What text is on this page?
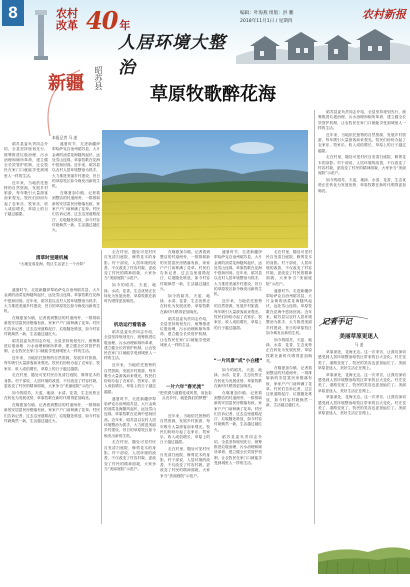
8	农村
改革 40 年
人居环境大整治
编辑：叶海燕 组版：洪 鹏
2018年11月1日 / 星期四
农村新报
新疆	昭苏县
草原牧歌醉花海
本报记者 马 凌

盛夏时节，走进新疆伊犁哈萨克自治州昭苏县，大片金黄的油菜花海随风起伏，远处雪山连绵，草原牧歌在花海中悠扬回荡。近年来，昭苏县以农村人居环境整治为抓手，大力推进美丽乡村建设，昔日的草原牧区如今焕发出新的生机。

在喀夏加尔镇，记者看到整洁的村道两旁，一排排崭新的安居富民房错落有致，家家户户门前种满了花草。村民们告诉记者，过去这里道路泥泞、垃圾随处堆放，如今村容村貌焕然一新，生活越过越红火。

昭苏县委负责同志介绍，全县坚持规划先行，统筹推进垃圾治理、污水治理和厕所革命，建立健全长效管护机制，让农牧民在家门口就能享受到城里人一样的生活。

近年来，当地依托独特的自然资源，发展乡村旅游，每年吸引大量游客前来观光。牧民们纷纷办起了农家乐、牧家乐，收入成倍增长，草原上的日子越过越甜。

清草时里建机械
“大地变成花海，牧区生活更上一个台阶”

盛夏时节，走进新疆伊犁哈萨克自治州昭苏县，大片金黄的油菜花海随风起伏，远处雪山连绵，草原牧歌在花海中悠扬回荡。近年来，昭苏县以农村人居环境整治为抓手，大力推进美丽乡村建设，昔日的草原牧区如今焕发出新的生机。

在喀夏加尔镇，记者看到整洁的村道两旁，一排排崭新的安居富民房错落有致，家家户户门前种满了花草。村民们告诉记者，过去这里道路泥泞、垃圾随处堆放，如今村容村貌焕然一新，生活越过越红火。

昭苏县委负责同志介绍，全县坚持规划先行，统筹推进垃圾治理、污水治理和厕所革命，建立健全长效管护机制，让农牧民在家门口就能享受到城里人一样的生活。

近年来，当地依托独特的自然资源，发展乡村旅游，每年吸引大量游客前来观光。牧民们纷纷办起了农家乐、牧家乐，收入成倍增长，草原上的日子越过越甜。

走在村里，随处可见村民自发清扫庭院、修剪花木的身影。村干部说，人居环境的改善，不仅改变了村容村貌，更改变了村民的精神面貌，大家争当“美丽庭院”示范户。

如今的昭苏，天蓝、地绿、水清、花香，生态优势正在转化为发展优势，草原牧歌在新时代唱得更加响亮。

在喀夏加尔镇，记者看到整洁的村道两旁，一排排崭新的安居富民房错落有致，家家户户门前种满了花草。村民们告诉记者，过去这里道路泥泞、垃圾随处堆放，如今村容村貌焕然一新，生活越过越红火。

走在村里，随处可见村民自发清扫庭院、修剪花木的身影。村干部说，人居环境的改善，不仅改变了村容村貌，更改变了村民的精神面貌，大家争当“美丽庭院”示范户。

如今的昭苏，天蓝、地绿、水清、花香，生态优势正在转化为发展优势，草原牧歌在新时代唱得更加响亮。

机动运行看装备

昭苏县委负责同志介绍，全县坚持规划先行，统筹推进垃圾治理、污水治理和厕所革命，建立健全长效管护机制，让农牧民在家门口就能享受到城里人一样的生活。

近年来，当地依托独特的自然资源，发展乡村旅游，每年吸引大量游客前来观光。牧民们纷纷办起了农家乐、牧家乐，收入成倍增长，草原上的日子越过越甜。

盛夏时节，走进新疆伊犁哈萨克自治州昭苏县，大片金黄的油菜花海随风起伏，远处雪山连绵，草原牧歌在花海中悠扬回荡。近年来，昭苏县以农村人居环境整治为抓手，大力推进美丽乡村建设，昔日的草原牧区如今焕发出新的生机。

走在村里，随处可见村民自发清扫庭院、修剪花木的身影。村干部说，人居环境的改善，不仅改变了村容村貌，更改变了村民的精神面貌，大家争当“美丽庭院”示范户。

在喀夏加尔镇，记者看到整洁的村道两旁，一排排崭新的安居富民房错落有致，家家户户门前种满了花草。村民们告诉记者，过去这里道路泥泞、垃圾随处堆放，如今村容村貌焕然一新，生活越过越红火。

如今的昭苏，天蓝、地绿、水清、花香，生态优势正在转化为发展优势，草原牧歌在新时代唱得更加响亮。

昭苏县委负责同志介绍，全县坚持规划先行，统筹推进垃圾治理、污水治理和厕所革命，建立健全长效管护机制，让农牧民在家门口就能享受到城里人一样的生活。

一片六年”春光流”
“把荒漠与道路变成风景，用色彩点亮乡村，就是我们的梦想”

近年来，当地依托独特的自然资源，发展乡村旅游，每年吸引大量游客前来观光。牧民们纷纷办起了农家乐、牧家乐，收入成倍增长，草原上的日子越过越甜。

走在村里，随处可见村民自发清扫庭院、修剪花木的身影。村干部说，人居环境的改善，不仅改变了村容村貌，更改变了村民的精神面貌，大家争当“美丽庭院”示范户。

盛夏时节，走进新疆伊犁哈萨克自治州昭苏县，大片金黄的油菜花海随风起伏，远处雪山连绵，草原牧歌在花海中悠扬回荡。近年来，昭苏县以农村人居环境整治为抓手，大力推进美丽乡村建设，昔日的草原牧区如今焕发出新的生机。

近年来，当地依托独特的自然资源，发展乡村旅游，每年吸引大量游客前来观光。牧民们纷纷办起了农家乐、牧家乐，收入成倍增长，草原上的日子越过越甜。

“一片风景”成“小白楼”

如今的昭苏，天蓝、地绿、水清、花香，生态优势正在转化为发展优势，草原牧歌在新时代唱得更加响亮。

在喀夏加尔镇，记者看到整洁的村道两旁，一排排崭新的安居富民房错落有致，家家户户门前种满了花草。村民们告诉记者，过去这里道路泥泞、垃圾随处堆放，如今村容村貌焕然一新，生活越过越红火。

昭苏县委负责同志介绍，全县坚持规划先行，统筹推进垃圾治理、污水治理和厕所革命，建立健全长效管护机制，让农牧民在家门口就能享受到城里人一样的生活。

走在村里，随处可见村民自发清扫庭院、修剪花木的身影。村干部说，人居环境的改善，不仅改变了村容村貌，更改变了村民的精神面貌，大家争当“美丽庭院”示范户。

盛夏时节，走进新疆伊犁哈萨克自治州昭苏县，大片金黄的油菜花海随风起伏，远处雪山连绵，草原牧歌在花海中悠扬回荡。近年来，昭苏县以农村人居环境整治为抓手，大力推进美丽乡村建设，昔日的草原牧区如今焕发出新的生机。

如今的昭苏，天蓝、地绿、水清、花香，生态优势正在转化为发展优势，草原牧歌在新时代唱得更加响亮。

在喀夏加尔镇，记者看到整洁的村道两旁，一排排崭新的安居富民房错落有致，家家户户门前种满了花草。村民们告诉记者，过去这里道路泥泞、垃圾随处堆放，如今村容村貌焕然一新，生活越过越红火。

昭苏县委负责同志介绍，全县坚持规划先行，统筹推进垃圾治理、污水治理和厕所革命，建立健全长效管护机制，让农牧民在家门口就能享受到城里人一样的生活。

近年来，当地依托独特的自然资源，发展乡村旅游，每年吸引大量游客前来观光。牧民们纷纷办起了农家乐、牧家乐，收入成倍增长，草原上的日子越过越甜。

走在村里，随处可见村民自发清扫庭院、修剪花木的身影。村干部说，人居环境的改善，不仅改变了村容村貌，更改变了村民的精神面貌，大家争当“美丽庭院”示范户。

如今的昭苏，天蓝、地绿、水清、花香，生态优势正在转化为发展优势，草原牧歌在新时代唱得更加响亮。

记者手记
美丽草原更迷人
马 凌

草原深处，花海无边。这一次采访，让我们深切感受到人居环境整治给牧区带来的巨大变化。村庄变美了，道路变宽了，牧民的笑容也更加灿烂了。美丽草原更迷人，美好生活正在路上。

草原深处，花海无边。这一次采访，让我们深切感受到人居环境整治给牧区带来的巨大变化。村庄变美了，道路变宽了，牧民的笑容也更加灿烂了。美丽草原更迷人，美好生活正在路上。

草原深处，花海无边。这一次采访，让我们深切感受到人居环境整治给牧区带来的巨大变化。村庄变美了，道路变宽了，牧民的笑容也更加灿烂了。美丽草原更迷人，美好生活正在路上。
